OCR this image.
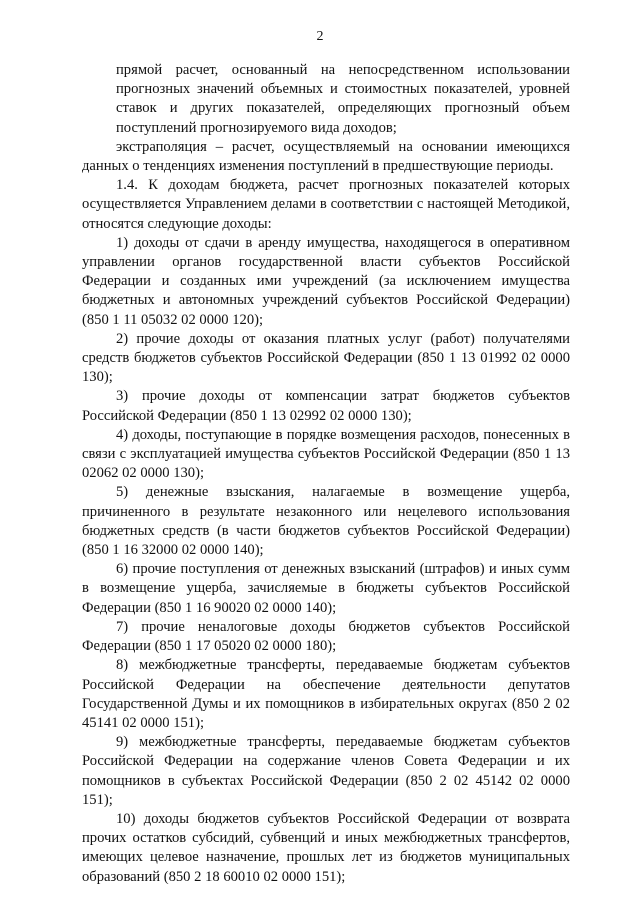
2

прямой расчет, основанный на непосредственном использовании прогнозных значений объемных и стоимостных показателей, уровней ставок и других показателей, определяющих прогнозный объем поступлений прогнозируемого вида доходов;

экстраполяция – расчет, осуществляемый на основании имеющихся данных о тенденциях изменения поступлений в предшествующие периоды.

1.4. К доходам бюджета, расчет прогнозных показателей которых осуществляется Управлением делами в соответствии с настоящей Методикой, относятся следующие доходы:

1) доходы от сдачи в аренду имущества, находящегося в оперативном управлении органов государственной власти субъектов Российской Федерации и созданных ими учреждений (за исключением имущества бюджетных и автономных учреждений субъектов Российской Федерации) (850 1 11 05032 02 0000 120);

2) прочие доходы от оказания платных услуг (работ) получателями средств бюджетов субъектов Российской Федерации (850 1 13 01992 02 0000 130);

3) прочие доходы от компенсации затрат бюджетов субъектов Российской Федерации (850 1 13 02992 02 0000 130);

4) доходы, поступающие в порядке возмещения расходов, понесенных в связи с эксплуатацией имущества субъектов Российской Федерации (850 1 13 02062 02 0000 130);

5) денежные взыскания, налагаемые в возмещение ущерба, причиненного в результате незаконного или нецелевого использования бюджетных средств (в части бюджетов субъектов Российской Федерации) (850 1 16 32000 02 0000 140);

6) прочие поступления от денежных взысканий (штрафов) и иных сумм в возмещение ущерба, зачисляемые в бюджеты субъектов Российской Федерации (850 1 16 90020 02 0000 140);

7) прочие неналоговые доходы бюджетов субъектов Российской Федерации (850 1 17 05020 02 0000 180);

8) межбюджетные трансферты, передаваемые бюджетам субъектов Российской Федерации на обеспечение деятельности депутатов Государственной Думы и их помощников в избирательных округах (850 2 02 45141 02 0000 151);

9) межбюджетные трансферты, передаваемые бюджетам субъектов Российской Федерации на содержание членов Совета Федерации и их помощников в субъектах Российской Федерации (850 2 02 45142 02 0000 151);

10) доходы бюджетов субъектов Российской Федерации от возврата прочих остатков субсидий, субвенций и иных межбюджетных трансфертов, имеющих целевое назначение, прошлых лет из бюджетов муниципальных образований (850 2 18 60010 02 0000 151);
